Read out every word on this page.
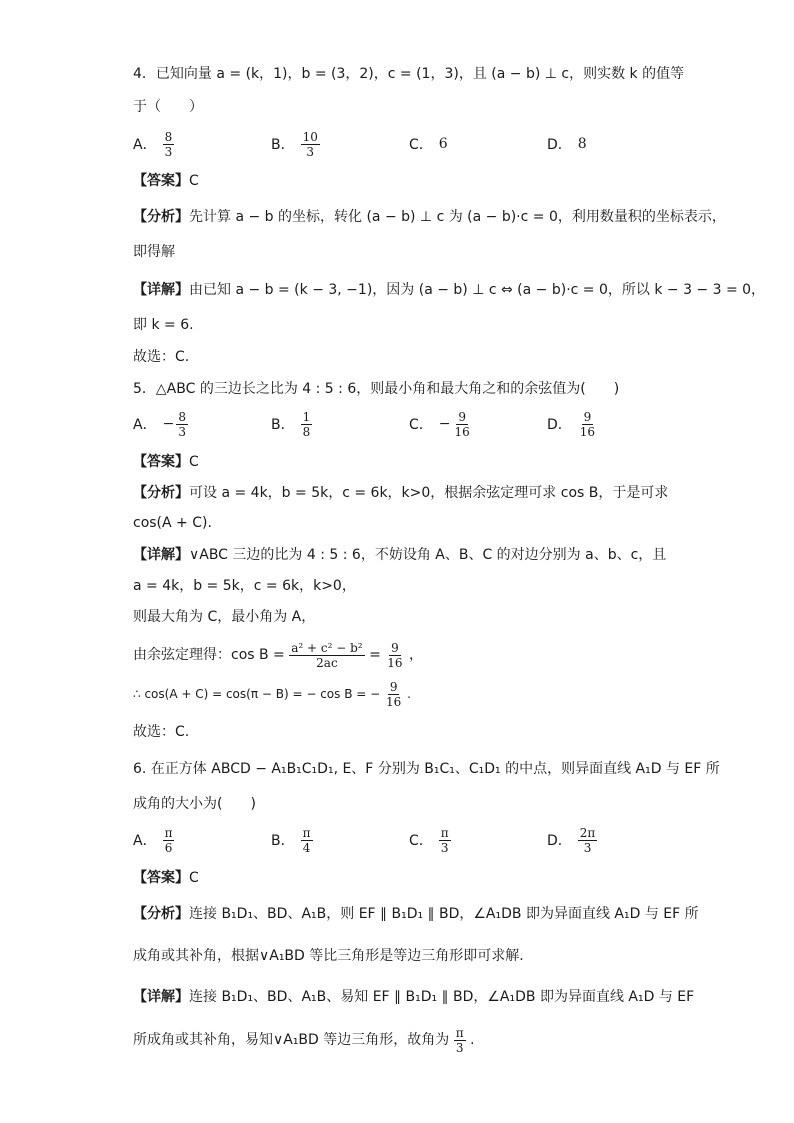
4．已知向量 a = (k，1)，b = (3，2)，c = (1，3)，且 (a − b) ⊥ c，则实数 k 的值等
于（　　）
A． $\frac{8}{3}$	B． $\frac{10}{3}$	C． 6	D． 8
【答案】C
【分析】先计算 a − b 的坐标，转化 (a − b) ⊥ c 为 (a − b)·c = 0，利用数量积的坐标表示，
即得解
【详解】由已知 a − b = (k − 3, −1)，因为 (a − b) ⊥ c ⇔ (a − b)·c = 0，所以 k − 3 − 3 = 0，
即 k = 6.
故选：C.
5．△ABC 的三边长之比为 4 : 5 : 6，则最小角和最大角之和的余弦值为(　　)
A． − $\frac{8}{3}$	B． $\frac{1}{8}$	C． − $\frac{9}{16}$	D． $\frac{9}{16}$
【答案】C
【分析】可设 a = 4k，b = 5k，c = 6k，k>0，根据余弦定理可求 cos B，于是可求
cos(A + C).
【详解】∨ABC 三边的比为 4 : 5 : 6，不妨设角 A、B、C 的对边分别为 a、b、c，且
a = 4k，b = 5k，c = 6k，k>0，
则最大角为 C，最小角为 A，
由余弦定理得：$\cos B = \frac{\text{a² + c² − b²}}{2ac} = \frac{9}{16}$ ，
∴ cos(A + C) = cos(π − B) = − cos B = − $\frac{9}{16}$ .
故选：C.
6. 在正方体 ABCD − A₁B₁C₁D₁, E、F 分别为 B₁C₁、C₁D₁ 的中点，则异面直线 A₁D 与 EF 所
成角的大小为(　　)
A． $\frac{\pi}{6}$	B． $\frac{\pi}{4}$	C． $\frac{\pi}{3}$	D． $\frac{2\pi}{3}$
【答案】C
【分析】连接 B₁D₁、BD、A₁B，则 EF ∥ B₁D₁ ∥ BD，∠A₁DB 即为异面直线 A₁D 与 EF 所
成角或其补角，根据∨A₁BD 等比三角形是等边三角形即可求解.
【详解】连接 B₁D₁、BD、A₁B、易知 EF ∥ B₁D₁ ∥ BD，∠A₁DB 即为异面直线 A₁D 与 EF
所成角或其补角，易知∨A₁BD 等边三角形，故角为 $\frac{\pi}{3}$ .
